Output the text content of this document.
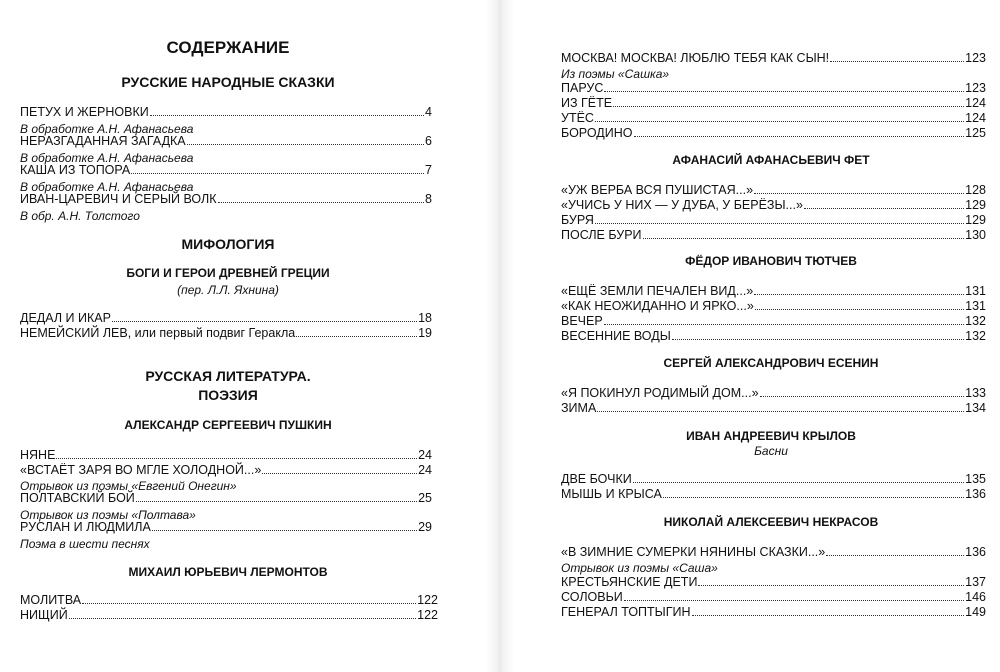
СОДЕРЖАНИЕ
РУССКИЕ НАРОДНЫЕ СКАЗКИ
ПЕТУХ И ЖЕРНОВКИ	4
В обработке А.Н. Афанасьева
НЕРАЗГАДАННАЯ ЗАГАДКА	6
В обработке А.Н. Афанасьева
КАША ИЗ ТОПОРА	7
В обработке А.Н. Афанасьева
ИВАН-ЦАРЕВИЧ И СЕРЫЙ ВОЛК	8
В обр. А.Н. Толстого
МИФОЛОГИЯ
БОГИ И ГЕРОИ ДРЕВНЕЙ ГРЕЦИИ
(пер. Л.Л. Яхнина)
ДЕДАЛ И ИКАР	18
НЕМЕЙСКИЙ ЛЕВ, или первый подвиг Геракла	19
РУССКАЯ ЛИТЕРАТУРА.
ПОЭЗИЯ
АЛЕКСАНДР СЕРГЕЕВИЧ ПУШКИН
НЯНЕ	24
«ВСТАЁТ ЗАРЯ ВО МГЛЕ ХОЛОДНОЙ...»	24
Отрывок из поэмы «Евгений Онегин»
ПОЛТАВСКИЙ БОЙ	25
Отрывок из поэмы «Полтава»
РУСЛАН И ЛЮДМИЛА	29
Поэма в шести песнях
МИХАИЛ ЮРЬЕВИЧ ЛЕРМОНТОВ
МОЛИТВА	122
НИЩИЙ	122
МОСКВА! МОСКВА! ЛЮБЛЮ ТЕБЯ КАК СЫН!	123
Из поэмы «Сашка»
ПАРУС	123
ИЗ ГЁТЕ	124
УТЁС	124
БОРОДИНО	125
АФАНАСИЙ АФАНАСЬЕВИЧ ФЕТ
«УЖ ВЕРБА ВСЯ ПУШИСТАЯ...»	128
«УЧИСЬ У НИХ — У ДУБА, У БЕРЁЗЫ...»	129
БУРЯ	129
ПОСЛЕ БУРИ	130
ФЁДОР ИВАНОВИЧ ТЮТЧЕВ
«ЕЩЁ ЗЕМЛИ ПЕЧАЛЕН ВИД...»	131
«КАК НЕОЖИДАННО И ЯРКО...»	131
ВЕЧЕР	132
ВЕСЕННИЕ ВОДЫ	132
СЕРГЕЙ АЛЕКСАНДРОВИЧ ЕСЕНИН
«Я ПОКИНУЛ РОДИМЫЙ ДОМ...»	133
ЗИМА	134
ИВАН АНДРЕЕВИЧ КРЫЛОВ
Басни
ДВЕ БОЧКИ	135
МЫШЬ И КРЫСА	136
НИКОЛАЙ АЛЕКСЕЕВИЧ НЕКРАСОВ
«В ЗИМНИЕ СУМЕРКИ НЯНИНЫ СКАЗКИ...»	136
Отрывок из поэмы «Саша»
КРЕСТЬЯНСКИЕ ДЕТИ	137
СОЛОВЬИ	146
ГЕНЕРАЛ ТОПТЫГИН	149
